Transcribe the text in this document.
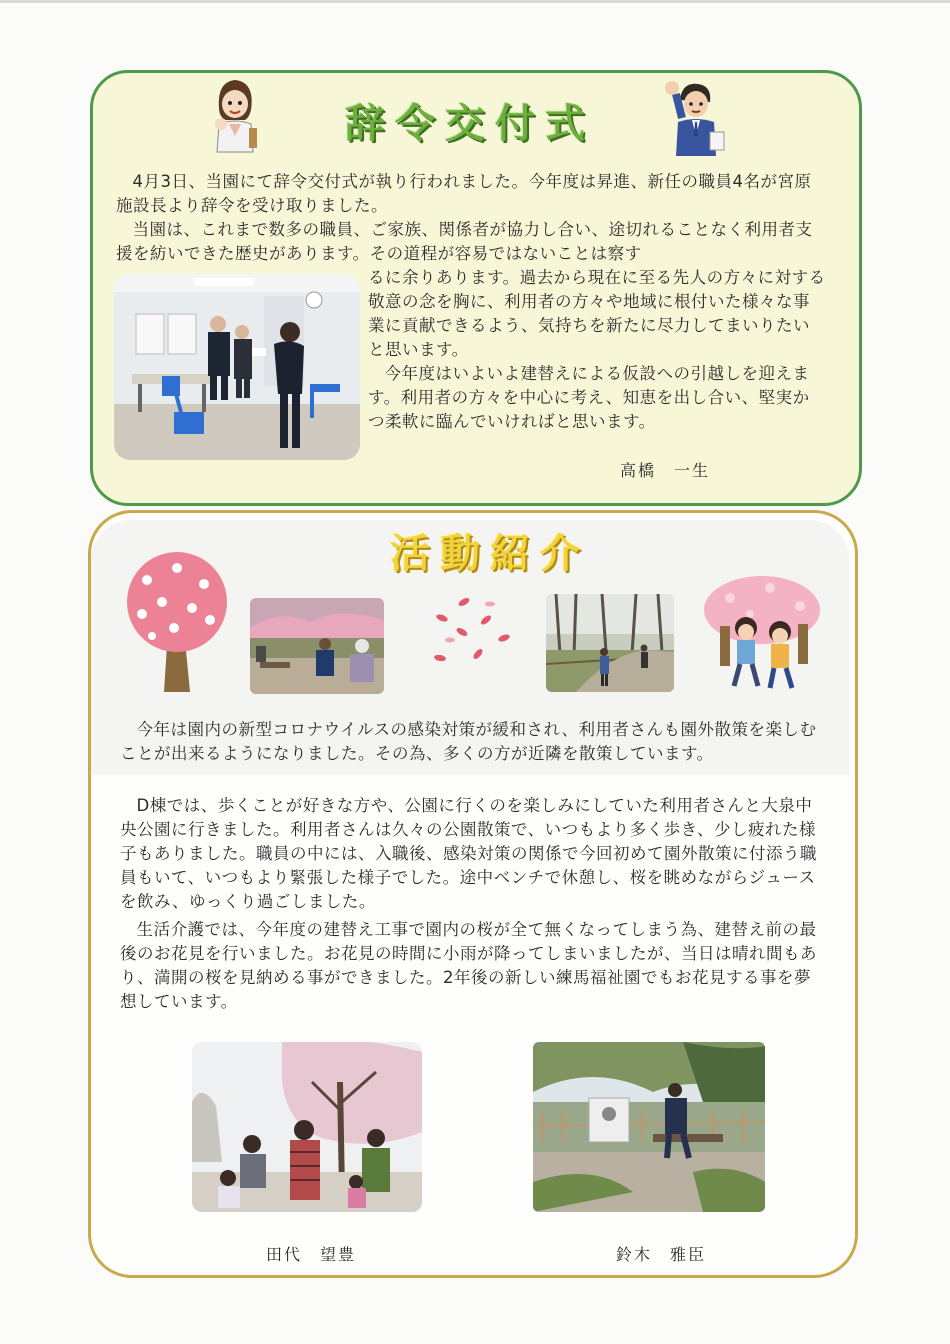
辞令交付式

4月3日、当園にて辞令交付式が執り行われました。今年度は昇進、新任の職員4名が宮原施設長より辞令を受け取りました。

当園は、これまで数多の職員、ご家族、関係者が協力し合い、途切れることなく利用者支援を紡いできた歴史があります。その道程が容易ではないことは察す

るに余りあります。過去から現在に至る先人の方々に対する敬意の念を胸に、利用者の方々や地域に根付いた様々な事業に貢献できるよう、気持ちを新たに尽力してまいりたいと思います。

今年度はいよいよ建替えによる仮設への引越しを迎えます。利用者の方々を中心に考え、知恵を出し合い、堅実かつ柔軟に臨んでいければと思います。

高橋　一生
活動紹介

今年は園内の新型コロナウイルスの感染対策が緩和され、利用者さんも園外散策を楽しむことが出来るようになりました。その為、多くの方が近隣を散策しています。

D棟では、歩くことが好きな方や、公園に行くのを楽しみにしていた利用者さんと大泉中央公園に行きました。利用者さんは久々の公園散策で、いつもより多く歩き、少し疲れた様子もありました。職員の中には、入職後、感染対策の関係で今回初めて園外散策に付添う職員もいて、いつもより緊張した様子でした。途中ベンチで休憩し、桜を眺めながらジュースを飲み、ゆっくり過ごしました。

生活介護では、今年度の建替え工事で園内の桜が全て無くなってしまう為、建替え前の最後のお花見を行いました。お花見の時間に小雨が降ってしまいましたが、当日は晴れ間もあり、満開の桜を見納める事ができました。2年後の新しい練馬福祉園でもお花見する事を夢想しています。

田代　望豊	鈴木　雅臣
